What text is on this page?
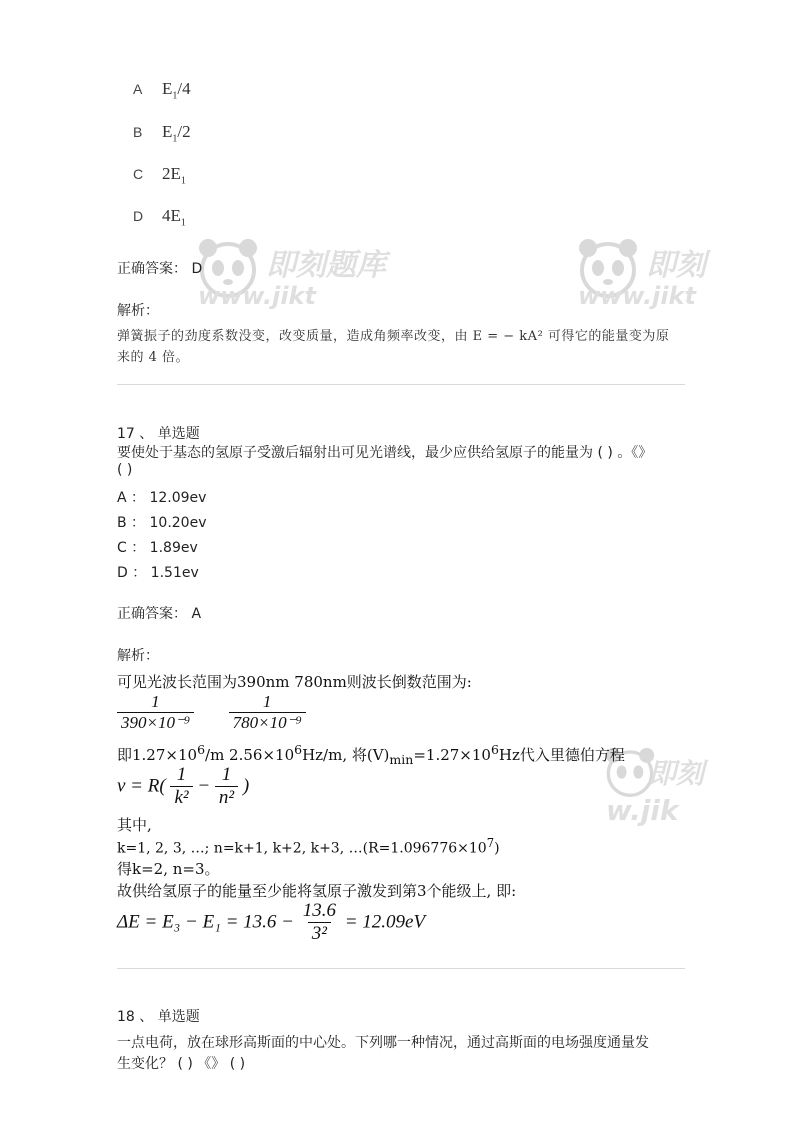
即刻题库
www.jikt
即刻
www.jikt
即刻
w.jik
A $E_1/4$
B $E_1/2$
C $2E_1$
D $4E_1$
正确答案： D
解析：
弹簧振子的劲度系数没变，改变质量，造成角频率改变，由 E = − kA² 可得它的能量变为原
来的 4 倍。
17 、 单选题
要使处于基态的氢原子受激后辐射出可见光谱线，最少应供给氢原子的能量为 ( ) 。《》
( )
A ： 12.09ev
B ： 10.20ev
C ： 1.89ev
D ： 1.51ev
正确答案： A
解析：
可见光波长范围为390nm 780nm则波长倒数范围为:
$\frac{1}{\text{390×10⁻⁹}}$
$\frac{1}{\text{780×10⁻⁹}}$
即$1.27\times 10^6/m$ $2.56\times 10^6Hz/m$, 将$(V)_{min}=1.27\times 10^6Hz$代入里德伯方程
$\nu = R( \frac{1}{\text{k²}} - \frac{1}{\text{n²}}$ )
其中,
k=1, 2, 3, …; n=k+1, k+2, k+3, $\dots(R=1.096776\times 10^7)$
得k=2, n=3。
故供给氢原子的能量至少能将氢原子激发到第3个能级上, 即:
$\Delta E = E_3 - E_1 = 13.6 - \frac{13.6}{\text{3²}} = 12.09eV$
18 、 单选题
一点电荷，放在球形高斯面的中心处。下列哪一种情况，通过高斯面的电场强度通量发
生变化？ ( ) 《》 ( )
